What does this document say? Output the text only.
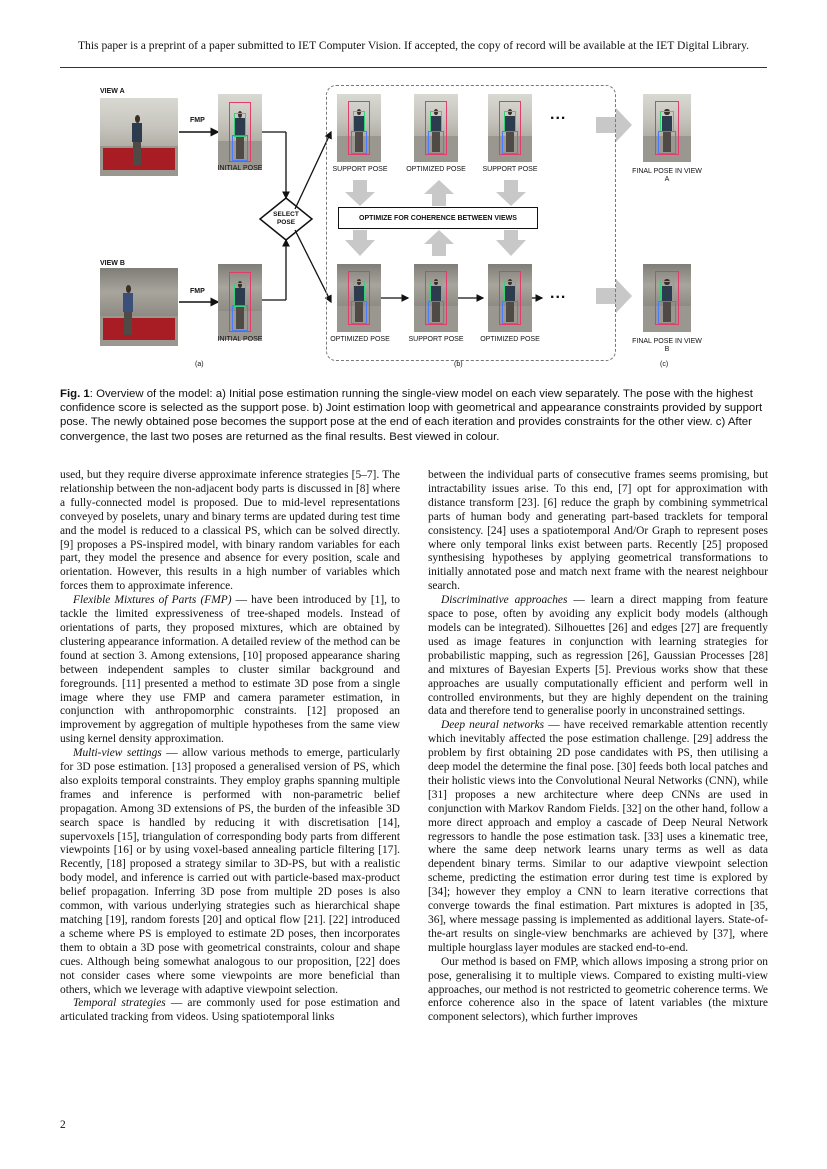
This paper is a preprint of a paper submitted to IET Computer Vision. If accepted, the copy of record will be available at the IET Digital Library.
VIEW A
VIEW B
FMP
FMP
INITIAL POSE
INITIAL POSE
SELECT POSE
SUPPORT POSE	OPTIMIZED POSE	SUPPORT POSE
OPTIMIZED POSE	SUPPORT POSE	OPTIMIZED POSE
FINAL POSE IN VIEW A
FINAL POSE IN VIEW B
OPTIMIZE FOR COHERENCE BETWEEN VIEWS
...
...
(a)	(b)	(c)
Fig. 1: Overview of the model: a) Initial pose estimation running the single-view model on each view separately. The pose with the highest confidence score is selected as the support pose. b) Joint estimation loop with geometrical and appearance constraints provided by support pose. The newly obtained pose becomes the support pose at the end of each iteration and provides constraints for the other view. c) After convergence, the last two poses are returned as the final results. Best viewed in colour.

used, but they require diverse approximate inference strategies [5–7]. The relationship between the non-adjacent body parts is discussed in [8] where a fully-connected model is proposed. Due to mid-level representations conveyed by poselets, unary and binary terms are updated during test time and the model is reduced to a classical PS, which can be solved directly. [9] proposes a PS-inspired model, with binary random variables for each part, they model the presence and absence for every position, scale and orientation. However, this results in a high number of variables which forces them to approximate inference.

Flexible Mixtures of Parts (FMP) — have been introduced by [1], to tackle the limited expressiveness of tree-shaped models. Instead of orientations of parts, they proposed mixtures, which are obtained by clustering appearance information. A detailed review of the method can be found at section 3. Among extensions, [10] proposed appearance sharing between independent samples to cluster similar background and foregrounds. [11] presented a method to estimate 3D pose from a single image where they use FMP and camera parameter estimation, in conjunction with anthropomorphic constraints. [12] proposed an improvement by aggregation of multiple hypotheses from the same view using kernel density approximation.

Multi-view settings — allow various methods to emerge, particularly for 3D pose estimation. [13] proposed a generalised version of PS, which also exploits temporal constraints. They employ graphs spanning multiple frames and inference is performed with non-parametric belief propagation. Among 3D extensions of PS, the burden of the infeasible 3D search space is handled by reducing it with discretisation [14], supervoxels [15], triangulation of corresponding body parts from different viewpoints [16] or by using voxel-based annealing particle filtering [17]. Recently, [18] proposed a strategy similar to 3D-PS, but with a realistic body model, and inference is carried out with particle-based max-product belief propagation. Inferring 3D pose from multiple 2D poses is also common, with various underlying strategies such as hierarchical shape matching [19], random forests [20] and optical flow [21]. [22] introduced a scheme where PS is employed to estimate 2D poses, then incorporates them to obtain a 3D pose with geometrical constraints, colour and shape cues. Although being somewhat analogous to our proposition, [22] does not consider cases where some viewpoints are more beneficial than others, which we leverage with adaptive viewpoint selection.

Temporal strategies — are commonly used for pose estimation and articulated tracking from videos. Using spatiotemporal links

between the individual parts of consecutive frames seems promising, but intractability issues arise. To this end, [7] opt for approximation with distance transform [23]. [6] reduce the graph by combining symmetrical parts of human body and generating part-based tracklets for temporal consistency. [24] uses a spatiotemporal And/Or Graph to represent poses where only temporal links exist between parts. Recently [25] proposed synthesising hypotheses by applying geometrical transformations to initially annotated pose and match next frame with the nearest neighbour search.

Discriminative approaches — learn a direct mapping from feature space to pose, often by avoiding any explicit body models (although models can be integrated). Silhouettes [26] and edges [27] are frequently used as image features in conjunction with learning strategies for probabilistic mapping, such as regression [26], Gaussian Processes [28] and mixtures of Bayesian Experts [5]. Previous works show that these approaches are usually computationally efficient and perform well in controlled environments, but they are highly dependent on the training data and therefore tend to generalise poorly in unconstrained settings.

Deep neural networks — have received remarkable attention recently which inevitably affected the pose estimation challenge. [29] address the problem by first obtaining 2D pose candidates with PS, then utilising a deep model the determine the final pose. [30] feeds both local patches and their holistic views into the Convolutional Neural Networks (CNN), while [31] proposes a new architecture where deep CNNs are used in conjunction with Markov Random Fields. [32] on the other hand, follow a more direct approach and employ a cascade of Deep Neural Network regressors to handle the pose estimation task. [33] uses a kinematic tree, where the same deep network learns unary terms as well as data dependent binary terms. Similar to our adaptive viewpoint selection scheme, predicting the estimation error during test time is explored by [34]; however they employ a CNN to learn iterative corrections that converge towards the final estimation. Part mixtures is adopted in [35, 36], where message passing is implemented as additional layers. State-of-the-art results on single-view benchmarks are achieved by [37], where multiple hourglass layer modules are stacked end-to-end.

Our method is based on FMP, which allows imposing a strong prior on pose, generalising it to multiple views. Compared to existing multi-view approaches, our method is not restricted to geometric coherence terms. We enforce coherence also in the space of latent variables (the mixture component selectors), which further improves

2
